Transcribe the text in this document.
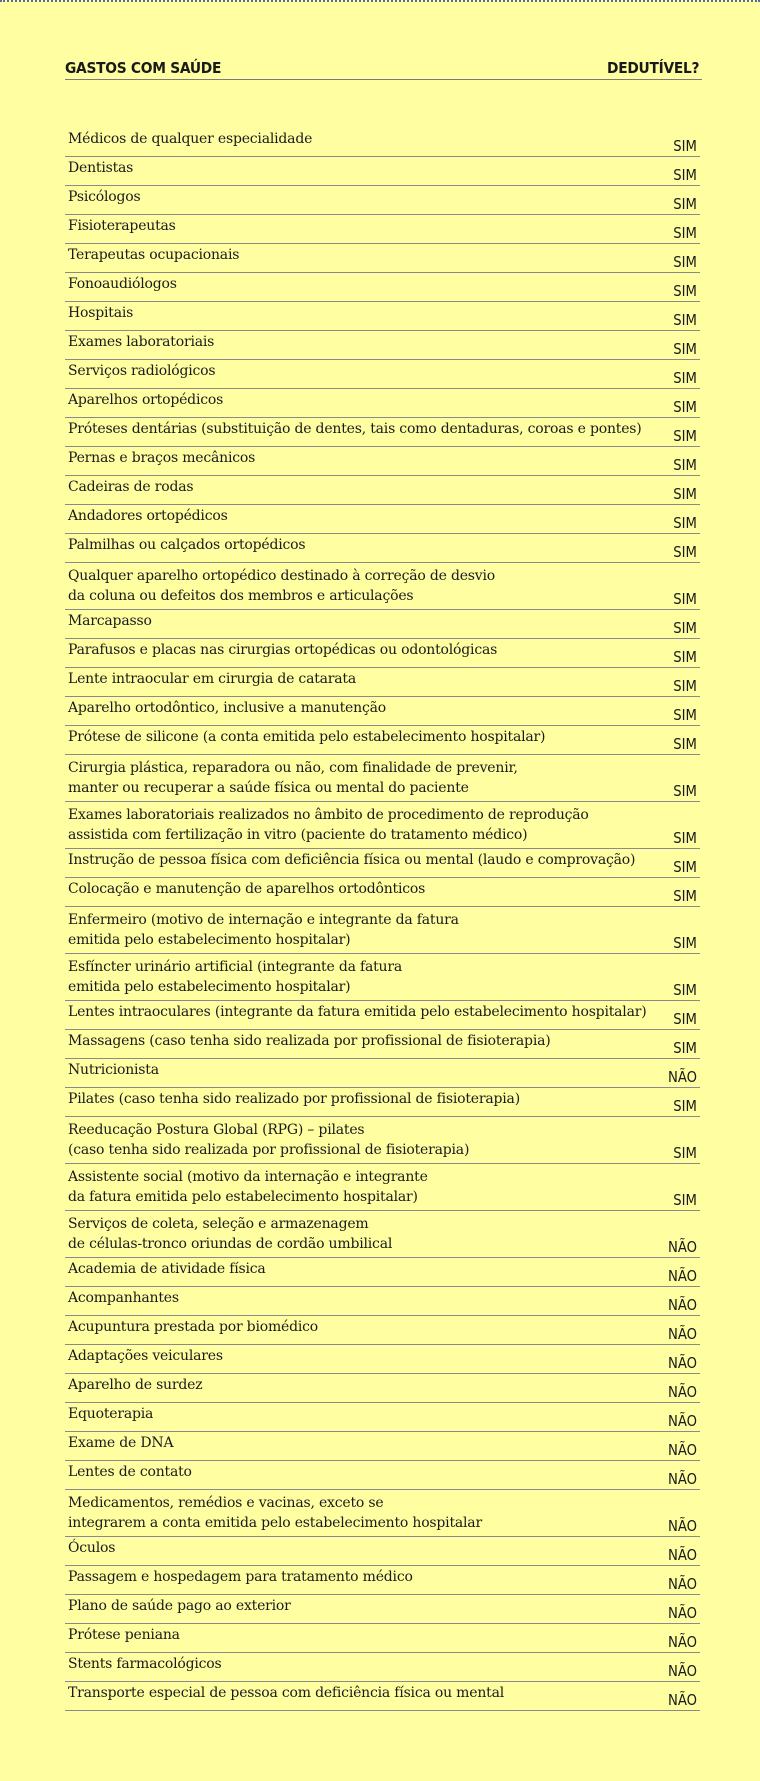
GASTOS COM SAÚDE	DEDUTÍVEL?
Médicos de qualquer especialidade	SIM
Dentistas	SIM
Psicólogos	SIM
Fisioterapeutas	SIM
Terapeutas ocupacionais	SIM
Fonoaudiólogos	SIM
Hospitais	SIM
Exames laboratoriais	SIM
Serviços radiológicos	SIM
Aparelhos ortopédicos	SIM
Próteses dentárias (substituição de dentes, tais como dentaduras, coroas e pontes) SIM
Pernas e braços mecânicos	SIM
Cadeiras de rodas	SIM
Andadores ortopédicos	SIM
Palmilhas ou calçados ortopédicos	SIM
Qualquer aparelho ortopédico destinado à correção de desvio
da coluna ou defeitos dos membros e articulações	SIM
Marcapasso	SIM
Parafusos e placas nas cirurgias ortopédicas ou odontológicas	SIM
Lente intraocular em cirurgia de catarata	SIM
Aparelho ortodôntico, inclusive a manutenção	SIM
Prótese de silicone (a conta emitida pelo estabelecimento hospitalar)	SIM
Cirurgia plástica, reparadora ou não, com finalidade de prevenir,
manter ou recuperar a saúde física ou mental do paciente	SIM
Exames laboratoriais realizados no âmbito de procedimento de reprodução
assistida com fertilização in vitro (paciente do tratamento médico)	SIM
Instrução de pessoa física com deficiência física ou mental (laudo e comprovação)	SIM
Colocação e manutenção de aparelhos ortodônticos	SIM
Enfermeiro (motivo de internação e integrante da fatura
emitida pelo estabelecimento hospitalar)	SIM
Esfíncter urinário artificial (integrante da fatura
emitida pelo estabelecimento hospitalar)	SIM
Lentes intraoculares (integrante da fatura emitida pelo estabelecimento hospitalar) SIM
Massagens (caso tenha sido realizada por profissional de fisioterapia)	SIM
Nutricionista	NÃO
Pilates (caso tenha sido realizado por profissional de fisioterapia)	SIM
Reeducação Postura Global (RPG) – pilates
(caso tenha sido realizada por profissional de fisioterapia)	SIM
Assistente social (motivo da internação e integrante
da fatura emitida pelo estabelecimento hospitalar)	SIM
Serviços de coleta, seleção e armazenagem
de células-tronco oriundas de cordão umbilical	NÃO
Academia de atividade física	NÃO
Acompanhantes	NÃO
Acupuntura prestada por biomédico	NÃO
Adaptações veiculares	NÃO
Aparelho de surdez	NÃO
Equoterapia	NÃO
Exame de DNA	NÃO
Lentes de contato	NÃO
Medicamentos, remédios e vacinas, exceto se
integrarem a conta emitida pelo estabelecimento hospitalar	NÃO
Óculos	NÃO
Passagem e hospedagem para tratamento médico	NÃO
Plano de saúde pago ao exterior	NÃO
Prótese peniana	NÃO
Stents farmacológicos	NÃO
Transporte especial de pessoa com deficiência física ou mental	NÃO
